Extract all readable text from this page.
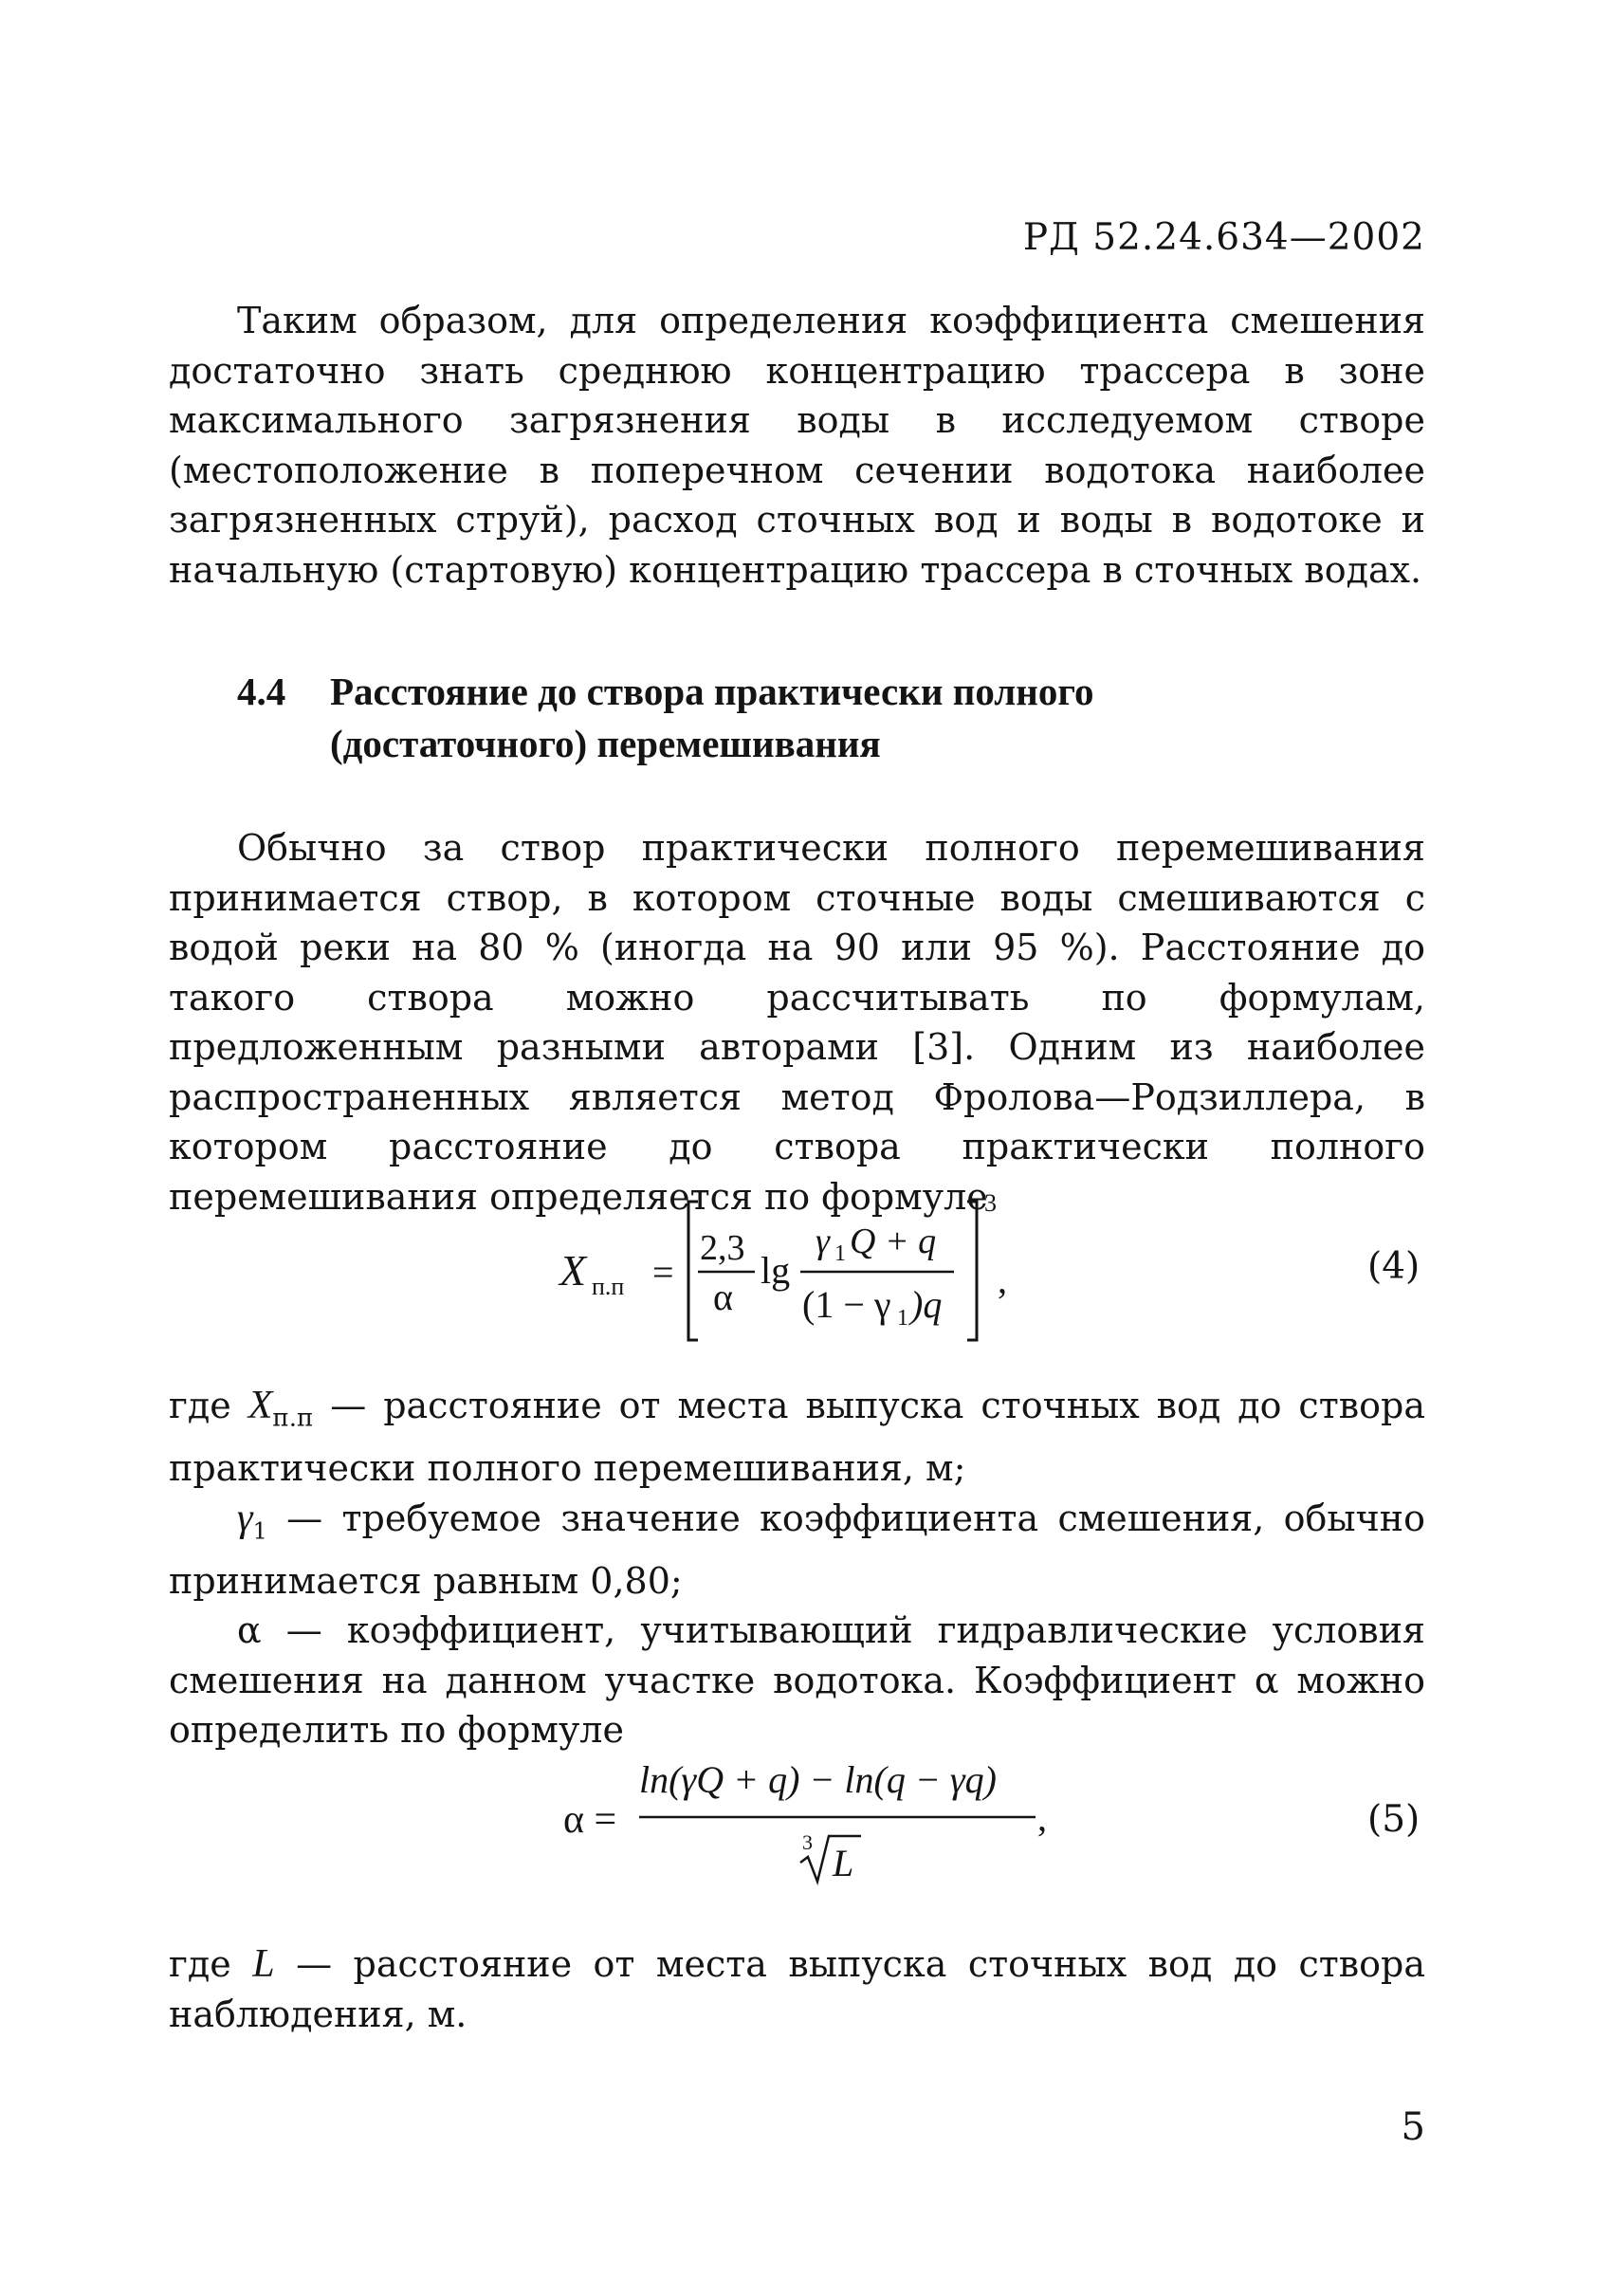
РД 52.24.634—2002

Таким образом, для определения коэффициента смешения достаточно знать среднюю концентрацию трассера в зоне максимального загрязнения воды в исследуемом створе (местоположение в поперечном сечении водотока наиболее загрязненных струй), расход сточных вод и воды в водотоке и начальную (стартовую) концентрацию трассера в сточных водах.

4.4 Расстояние до створа практически полного
(достаточного) перемешивания

Обычно за створ практически полного перемешивания принимается створ, в котором сточные воды смешиваются с водой реки на 80 % (иногда на 90 или 95 %). Расстояние до такого створа можно рассчитывать по формулам, предложенным разными авторами [3]. Одним из наиболее распространенных является метод Фролова—Родзиллера, в котором расстояние до створа практически полного перемешивания определяется по формуле

X п.п =
2,3
α
lg
γ 1 Q + q
(1 − γ 1 )q
3
,	(4)

где $X_{п.п}$ — расстояние от места выпуска сточных вод до створа практически полного перемешивания, м;

$\gamma_1$ — требуемое значение коэффициента смешения, обычно принимается равным 0,80;

α — коэффициент, учитывающий гидравлические условия смешения на данном участке водотока. Коэффициент α можно определить по формуле

α =
ln(γQ + q) − ln(q − γq)
3 L
,	(5)

где L — расстояние от места выпуска сточных вод до створа наблюдения, м.

5
